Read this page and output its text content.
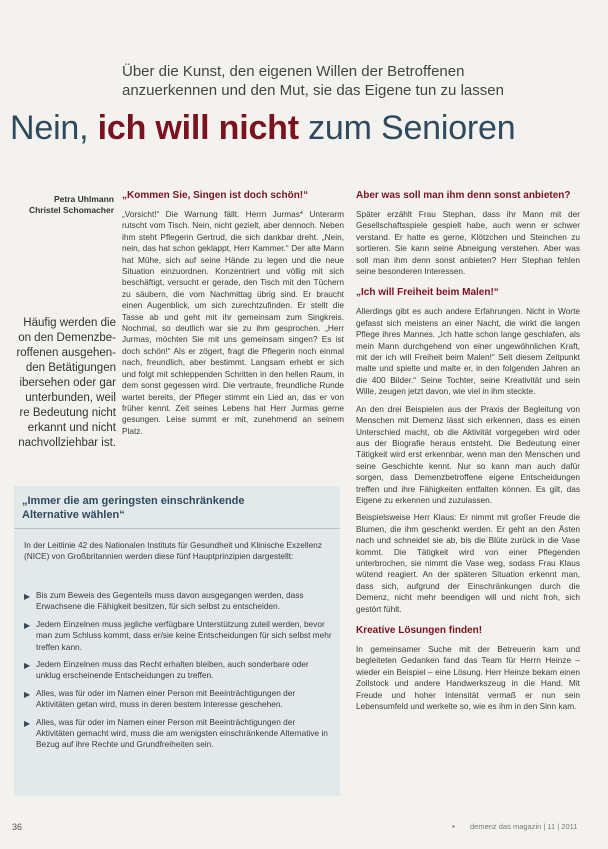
Über die Kunst, den eigenen Willen der Betroffenen
anzuerkennen und den Mut, sie das Eigene tun zu lassen
Nein, ich will nicht zum Senioren
Petra Uhlmann
Christel Schomacher
Häufig werden die
on den Demenzbe-
roffenen ausgehen-
den Betätigungen
ibersehen oder gar
unterbunden, weil
re Bedeutung nicht
erkannt und nicht
nachvollziehbar ist.
„Kommen Sie, Singen ist doch schön!“

„Vorsicht!“ Die Warnung fällt. Herrn Jurmas* Unterarm rutscht vom Tisch. Nein, nicht gezielt, aber dennoch. Neben ihm steht Pflegerin Gertrud, die sich dankbar dreht. „Nein, nein, das hat schon geklappt, Herr Kammer.“ Der alte Mann hat Mühe, sich auf seine Hände zu legen und die neue Situation einzuordnen. Konzentriert und völlig mit sich beschäftigt, versucht er gerade, den Tisch mit den Tüchern zu säubern, die vom Nachmittag übrig sind. Er braucht einen Augenblick, um sich zurechtzufinden. Er stellt die Tasse ab und geht mit ihr gemeinsam zum Singkreis. Nochmal, so deutlich war sie zu ihm gesprochen. „Herr Jurmas, möchten Sie mit uns gemeinsam singen? Es ist doch schön!“ Als er zögert, fragt die Pflegerin noch einmal nach, freundlich, aber bestimmt. Langsam erhebt er sich und folgt mit schleppenden Schritten in den hellen Raum, in dem sonst gegessen wird. Die vertraute, freundliche Runde wartet bereits, der Pfleger stimmt ein Lied an, das er von früher kennt. Zeit seines Lebens hat Herr Jurmas gerne gesungen. Leise summt er mit, zunehmend an seinem Platz.

Aber was soll man ihm denn sonst anbieten?

Später erzählt Frau Stephan, dass ihr Mann mit der Gesellschaftsspiele gespielt habe, auch wenn er schwer verstand. Er hatte es gerne, Klötzchen und Steinchen zu sortieren. Sie kann seine Abneigung verstehen. Aber was soll man ihm denn sonst anbieten? Herr Stephan fehlen seine besonderen Interessen.

„Ich will Freiheit beim Malen!“

Allerdings gibt es auch andere Erfahrungen. Nicht in Worte gefasst sich meistens an einer Nacht, die wirkt die langen Pflege ihres Mannes. „Ich hatte schon lange geschlafen, als mein Mann durchgehend von einer ungewöhnlichen Kraft, mit der ich will Freiheit beim Malen!“ Seit diesem Zeitpunkt malte und spielte und malte er, in den folgenden Jahren an die 400 Bilder.“ Seine Tochter, seine Kreativität und sein Wille, zeugen jetzt davon, wie viel in ihm steckte.

An den drei Beispielen aus der Praxis der Begleitung von Menschen mit Demenz lässt sich erkennen, dass es einen Unterschied macht, ob die Aktivität vorgegeben wird oder aus der Biografie heraus entsteht. Die Bedeutung einer Tätigkeit wird erst erkennbar, wenn man den Menschen und seine Geschichte kennt. Nur so kann man auch dafür sorgen, dass Demenzbetroffene eigene Entscheidungen treffen und ihre Fähigkeiten entfalten können. Es gilt, das Eigene zu erkennen und zuzulassen.

Beispielsweise Herr Klaus: Er nimmt mit großer Freude die Blumen, die ihm geschenkt werden. Er geht an den Ästen nach und schneidet sie ab, bis die Blüte zurück in die Vase kommt. Die Tätigkeit wird von einer Pflegenden unterbrochen, sie nimmt die Vase weg, sodass Frau Klaus wütend reagiert. An der späteren Situation erkennt man, dass sich, aufgrund der Einschränkungen durch die Demenz, nicht mehr beendigen will und nicht froh, sich gestört fühlt.

Kreative Lösungen finden!

In gemeinsamer Suche mit der Betreuerin kam und begleiteten Gedanken fand das Team für Herrn Heinze – wieder ein Beispiel – eine Lösung. Herr Heinze bekam einen Zollstock und andere Handwerkszeug in die Hand. Mit Freude und hoher Intensität vermaß er nun sein Lebensumfeld und werkelte so, wie es ihm in den Sinn kam.

„Immer die am geringsten einschränkende
Alternative wählen“
In der Leitlinie 42 des Nationalen Instituts für Gesundheit und Klinische Exzellenz (NICE) von Großbritannien werden diese fünf Hauptprinzipien dargestellt:
▶ Bis zum Beweis des Gegenteils muss davon ausgegangen werden, dass Erwachsene die Fähigkeit besitzen, für sich selbst zu entscheiden.
▶ Jedem Einzelnen muss jegliche verfügbare Unterstützung zuteil werden, bevor man zum Schluss kommt, dass er/sie keine Entscheidungen für sich selbst mehr treffen kann.
▶ Jedem Einzelnen muss das Recht erhalten bleiben, auch sonderbare oder unklug erscheinende Entscheidungen zu treffen.
▶ Alles, was für oder im Namen einer Person mit Beeinträchtigungen der Aktivitäten getan wird, muss in deren bestem Interesse geschehen.
▶ Alles, was für oder im Namen einer Person mit Beeinträchtigungen der Aktivitäten gemacht wird, muss die am wenigsten einschränkende Alternative in Bezug auf ihre Rechte und Grundfreiheiten sein.
36	▪ demenz das magazin | 11 | 2011
